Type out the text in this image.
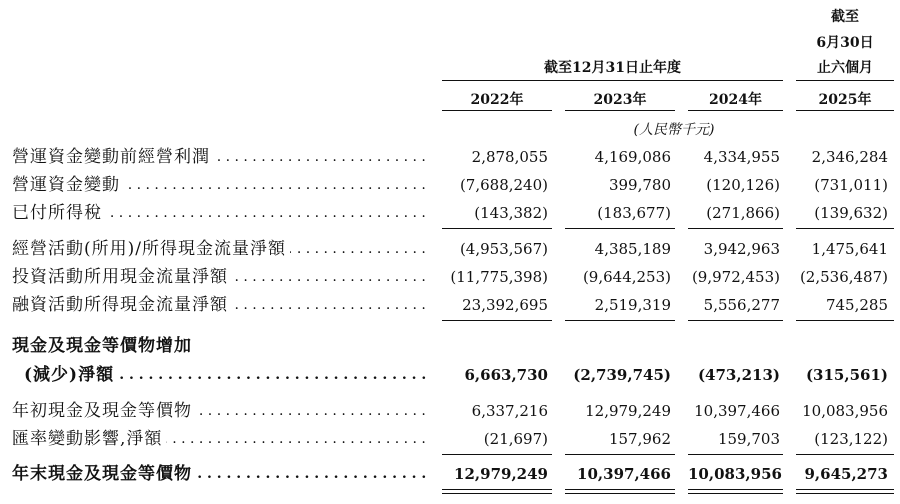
截至
6月30日
止六個月
截至12月31日止年度
2022年	2023年	2024年	2025年
(人民幣千元)
營運資金變動前經營利潤 . . .	2,878,055	4,169,086	4,334,955	2,346,284
營運資金變動 . . .	(7,688,240)	399,780	(120,126)	(731,011)
已付所得稅 . . .	(143,382)	(183,677)	(271,866)	(139,632)
經營活動(所用)/所得現金流量淨額 . . .	(4,953,567)	4,385,189	3,942,963	1,475,641
投資活動所用現金流量淨額 . . .	(11,775,398)	(9,644,253) (9,972,453) (2,536,487)
融資活動所得現金流量淨額 . . .	23,392,695	2,519,319	5,556,277	745,285
現金及現金等價物增加
(減少)淨額 . . .	6,663,730	(2,739,745)	(473,213)	(315,561)
年初現金及現金等價物 . . .	6,337,216	12,979,249	10,397,466	10,083,956
匯率變動影響,淨額 . . .	(21,697)	157,962	159,703	(123,122)
年末現金及現金等價物 . . .	12,979,249	10,397,466 10,083,956	9,645,273
